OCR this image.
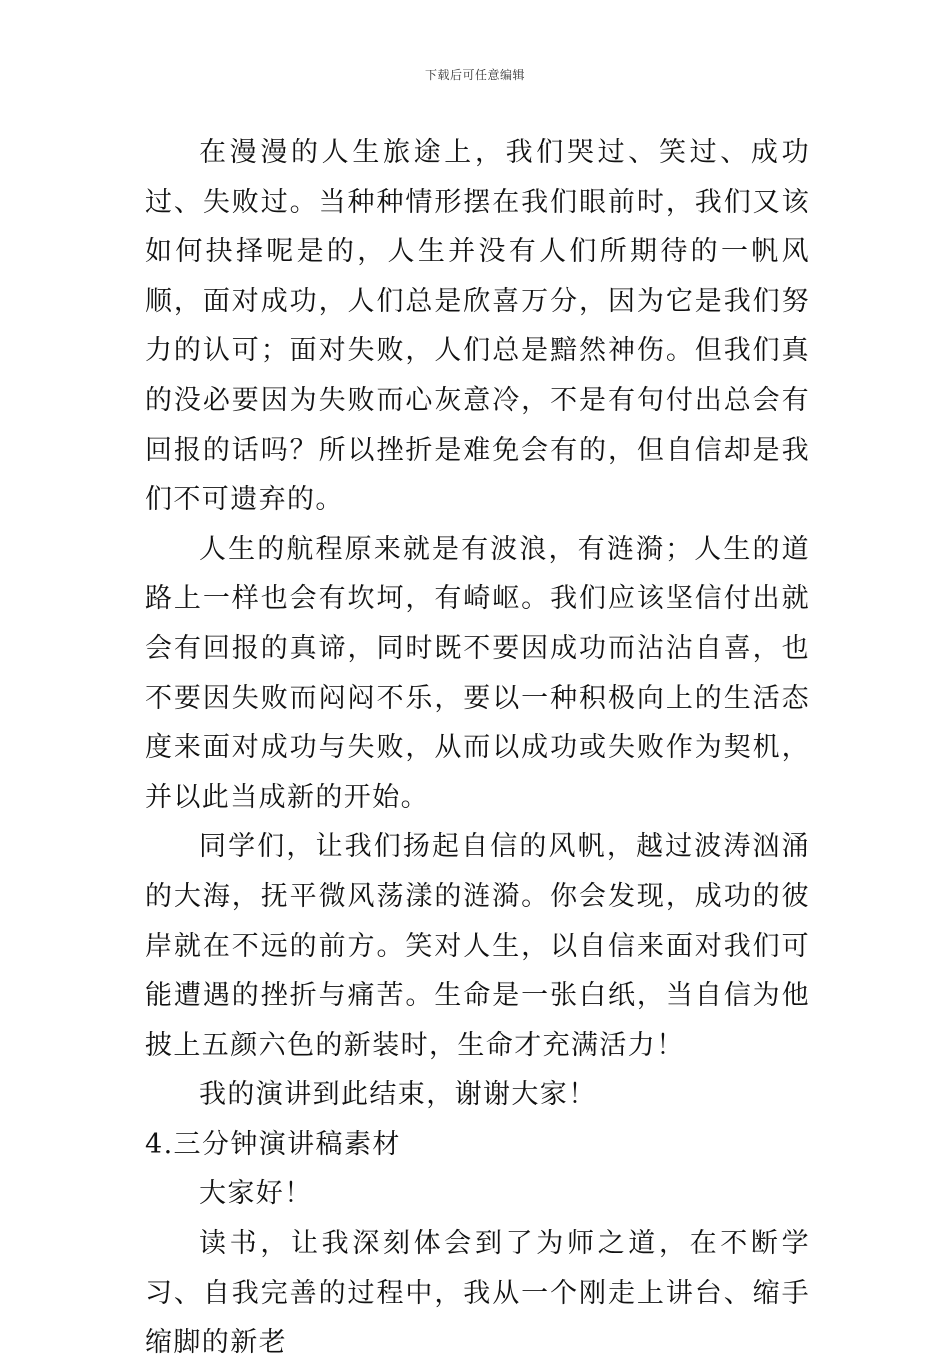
下载后可任意编辑

在漫漫的人生旅途上，我们哭过、笑过、成功过、失败过。当种种情形摆在我们眼前时，我们又该如何抉择呢是的，人生并没有人们所期待的一帆风顺，面对成功，人们总是欣喜万分，因为它是我们努力的认可；面对失败，人们总是黯然神伤。但我们真的没必要因为失败而心灰意冷，不是有句付出总会有回报的话吗？所以挫折是难免会有的，但自信却是我们不可遗弃的。

人生的航程原来就是有波浪，有涟漪；人生的道路上一样也会有坎坷，有崎岖。我们应该坚信付出就会有回报的真谛，同时既不要因成功而沾沾自喜，也不要因失败而闷闷不乐，要以一种积极向上的生活态度来面对成功与失败，从而以成功或失败作为契机，并以此当成新的开始。

同学们，让我们扬起自信的风帆，越过波涛汹涌的大海，抚平微风荡漾的涟漪。你会发现，成功的彼岸就在不远的前方。笑对人生，以自信来面对我们可能遭遇的挫折与痛苦。生命是一张白纸，当自信为他披上五颜六色的新装时，生命才充满活力！

我的演讲到此结束，谢谢大家！

4.三分钟演讲稿素材

大家好！

读书，让我深刻体会到了为师之道，在不断学习、自我完善的过程中，我从一个刚走上讲台、缩手缩脚的新老
